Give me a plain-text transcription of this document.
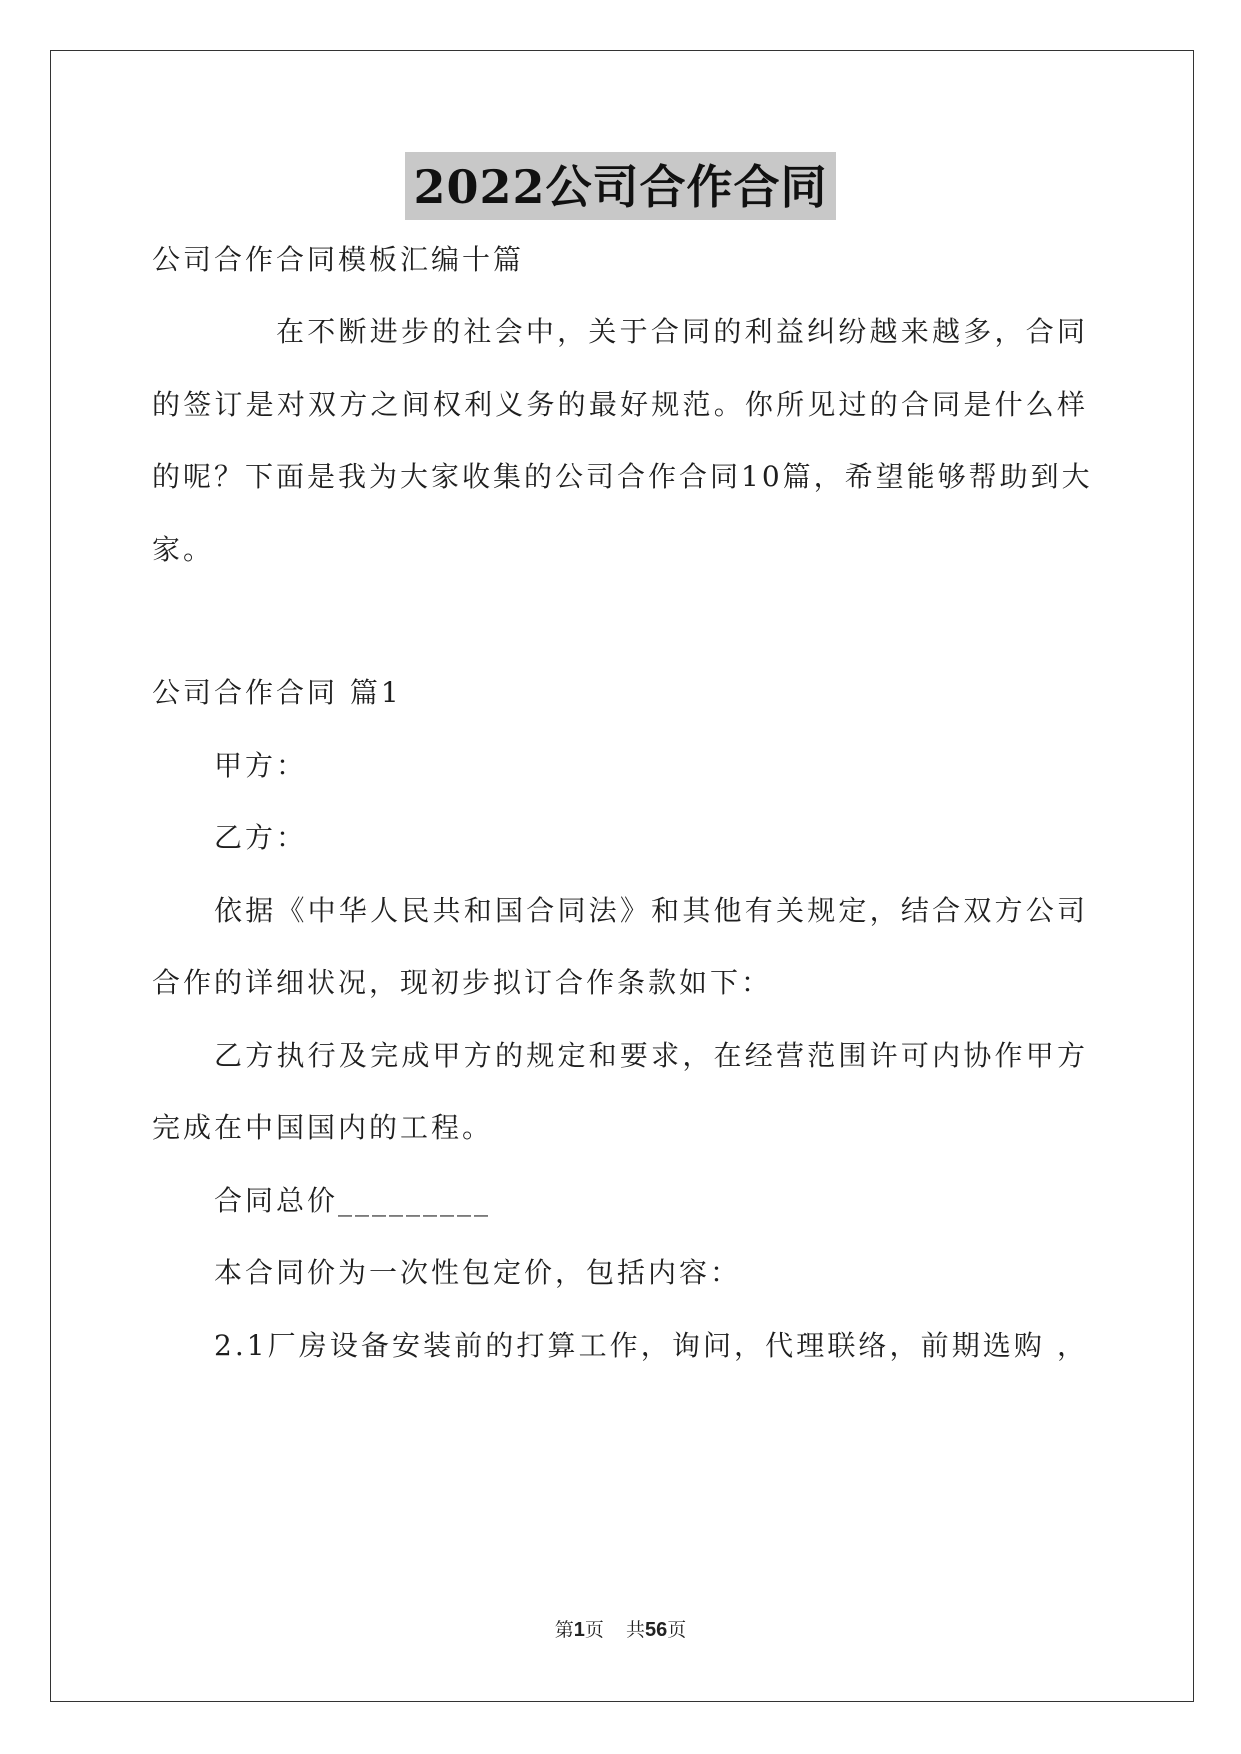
2022公司合作合同
公司合作合同模板汇编十篇
在不断进步的社会中，关于合同的利益纠纷越来越多，合同
的签订是对双方之间权利义务的最好规范。你所见过的合同是什么样
的呢？下面是我为大家收集的公司合作合同10篇，希望能够帮助到大
家。
公司合作合同 篇1
甲方：
乙方：
依据《中华人民共和国合同法》和其他有关规定，结合双方公司
合作的详细状况，现初步拟订合作条款如下：
乙方执行及完成甲方的规定和要求，在经营范围许可内协作甲方
完成在中国国内的工程。
合同总价_________
本合同价为一次性包定价，包括内容：
2.1厂房设备安装前的打算工作，询问，代理联络，前期选购 ，
第1页 共56页
